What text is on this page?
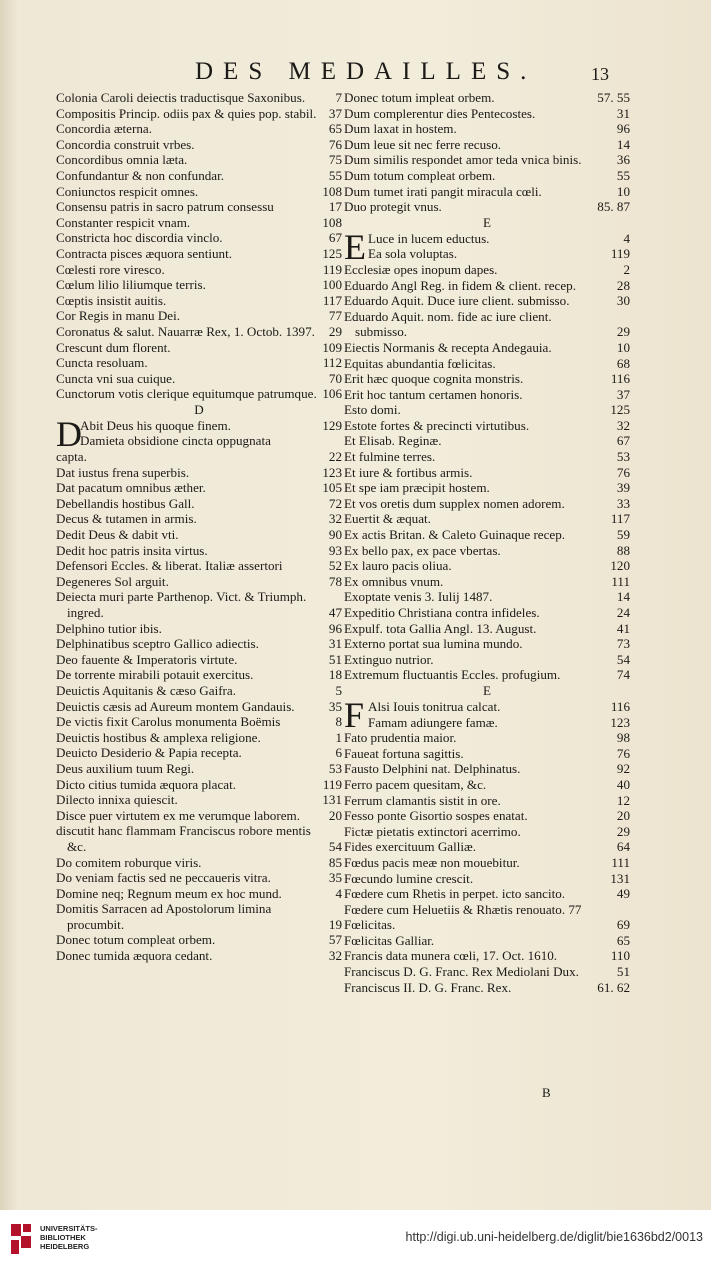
DES MEDAILLES.	13
Colonia Caroli deiectis traductisque Saxonibus.	7
Compositis Princip. odiis pax & quies pop. stabil. 37
Concordia æterna.	65
Concordia construit vrbes.	76
Concordibus omnia læta.	75
Confundantur & non confundar.	55
Coniunctos respicit omnes.	108
Consensu patris in sacro patrum consessu	17
Constanter respicit vnam.	108
Constricta hoc discordia vinclo.	67
Contracta pisces æquora sentiunt.	125
Cœlesti rore viresco.	119
Cœlum lilio liliumque terris.	100
Cœptis insistit auitis.	117
Cor Regis in manu Dei.	77
Coronatus & salut. Nauarræ Rex, 1. Octob. 1397. 29
Crescunt dum florent.	109
Cuncta resoluam.	112
Cuncta vni sua cuique.	70
Cunctorum votis clerique equitumque patrumque. 106
D
D
Abit Deus his quoque finem.	129
Damieta obsidione cincta oppugnata
capta.	22
Dat iustus frena superbis.	123
Dat pacatum omnibus æther.	105
Debellandis hostibus Gall.	72
Decus & tutamen in armis.	32
Dedit Deus & dabit vti.	90
Dedit hoc patris insita virtus.	93
Defensori Eccles. & liberat. Italiæ assertori	52
Degeneres Sol arguit.	78
Deiecta muri parte Parthenop. Vict. & Triumph. ingred.	47
Delphino tutior ibis.	96
Delphinatibus sceptro Gallico adiectis.	31
Deo fauente & Imperatoris virtute.	51
De torrente mirabili potauit exercitus.	18
Deuictis Aquitanis & cæso Gaifra.	5
Deuictis cæsis ad Aureum montem Gandauis.	35
De victis fixit Carolus monumenta Boëmis	8
Deuictis hostibus & amplexa religione.	1
Deuicto Desiderio & Papia recepta.	6
Deus auxilium tuum Regi.	53
Dicto citius tumida æquora placat.	119
Dilecto innixa quiescit.	131
Disce puer virtutem ex me verumque laborem.	20
discutit hanc flammam Franciscus robore mentis &c.	54
Do comitem roburque viris.	85
Do veniam factis sed ne peccaueris vitra.	35
Domine neq; Regnum meum ex hoc mund.	4
Domitis Sarracen ad Apostolorum limina procumbit.	19
Donec totum compleat orbem.	57
Donec tumida æquora cedant.	32
Donec totum impleat orbem.	57. 55
Dum complerentur dies Pentecostes.	31
Dum laxat in hostem.	96
Dum leue sit nec ferre recuso.	14
Dum similis respondet amor teda vnica binis.	36
Dum totum compleat orbem.	55
Dum tumet irati pangit miracula cœli.	10
Duo protegit vnus.	85. 87
E
E Luce in lucem eductus.	4
Ea sola voluptas.	119
Ecclesiæ opes inopum dapes.	2
Eduardo Angl Reg. in fidem & client. recep.	28
Eduardo Aquit. Duce iure client. submisso.	30
Eduardo Aquit. nom. fide ac iure client. submisso.	29
Eiectis Normanis & recepta Andegauia.	10
Equitas abundantia fœlicitas.	68
Erit hæc quoque cognita monstris.	116
Erit hoc tantum certamen honoris.	37
Esto domi.	125
Estote fortes & precincti virtutibus.	32
Et Elisab. Reginæ.	67
Et fulmine terres.	53
Et iure & fortibus armis.	76
Et spe iam præcipit hostem.	39
Et vos oretis dum supplex nomen adorem.	33
Euertit & æquat.	117
Ex actis Britan. & Caleto Guinaque recep.	59
Ex bello pax, ex pace vbertas.	88
Ex lauro pacis oliua.	120
Ex omnibus vnum.	111
Exoptate venis 3. Iulij 1487.	14
Expeditio Christiana contra infideles.	24
Expulf. tota Gallia Angl. 13. August.	41
Externo portat sua lumina mundo.	73
Extinguo nutrior.	54
Extremum fluctuantis Eccles. profugium.	74
E
F Alsi Iouis tonitrua calcat.	116
Famam adiungere famæ.	123
Fato prudentia maior.	98
Faueat fortuna sagittis.	76
Fausto Delphini nat. Delphinatus.	92
Ferro pacem quesitam, &c.	40
Ferrum clamantis sistit in ore.	12
Fesso ponte Gisortio sospes enatat.	20
Fictæ pietatis extinctori acerrimo.	29
Fides exercituum Galliæ.	64
Fœdus pacis meæ non mouebitur.	111
Fœcundo lumine crescit.	131
Fœdere cum Rhetis in perpet. icto sancito.	49
Fœdere cum Heluetiis & Rhætis renouato. 77
Fœlicitas.	69
Fœlicitas Galliar.	65
Francis data munera cœli, 17. Oct. 1610.	110
Franciscus D. G. Franc. Rex Mediolani Dux.	51
Franciscus II. D. G. Franc. Rex.	61. 62
B
UNIVERSITÄTS-
BIBLIOTHEK
HEIDELBERG
http://digi.ub.uni-heidelberg.de/diglit/bie1636bd2/0013
